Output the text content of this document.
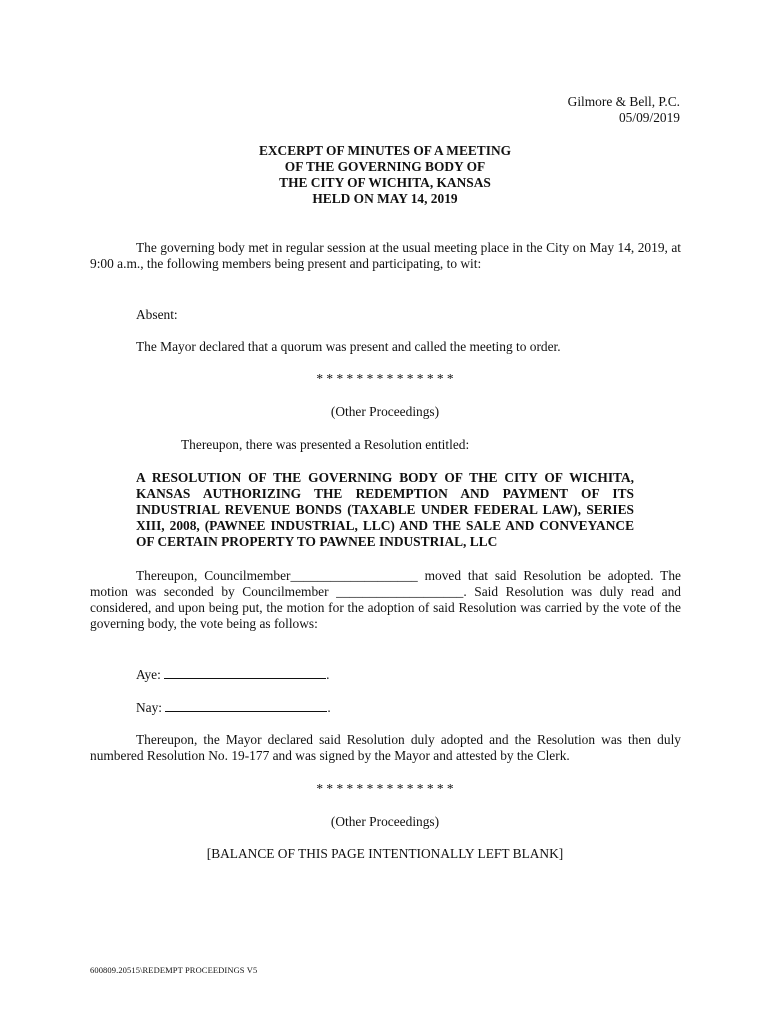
Gilmore & Bell, P.C.
05/09/2019
EXCERPT OF MINUTES OF A MEETING
OF THE GOVERNING BODY OF
THE CITY OF WICHITA, KANSAS
HELD ON MAY 14, 2019
The governing body met in regular session at the usual meeting place in the City on May 14, 2019, at 9:00 a.m., the following members being present and participating, to wit:
Absent:
The Mayor declared that a quorum was present and called the meeting to order.
* * * * * * * * * * * * * *
(Other Proceedings)
Thereupon, there was presented a Resolution entitled:
A RESOLUTION OF THE GOVERNING BODY OF THE CITY OF WICHITA, KANSAS AUTHORIZING THE REDEMPTION AND PAYMENT OF ITS INDUSTRIAL REVENUE BONDS (TAXABLE UNDER FEDERAL LAW), SERIES XIII, 2008, (PAWNEE INDUSTRIAL, LLC) AND THE SALE AND CONVEYANCE OF CERTAIN PROPERTY TO PAWNEE INDUSTRIAL, LLC
Thereupon, Councilmember___________________ moved that said Resolution be adopted. The motion was seconded by Councilmember ___________________. Said Resolution was duly read and considered, and upon being put, the motion for the adoption of said Resolution was carried by the vote of the governing body, the vote being as follows:
Aye:	.
Nay:	.
Thereupon, the Mayor declared said Resolution duly adopted and the Resolution was then duly numbered Resolution No. 19-177 and was signed by the Mayor and attested by the Clerk.
* * * * * * * * * * * * * *
(Other Proceedings)
[BALANCE OF THIS PAGE INTENTIONALLY LEFT BLANK]
600809.20515\REDEMPT PROCEEDINGS V5
